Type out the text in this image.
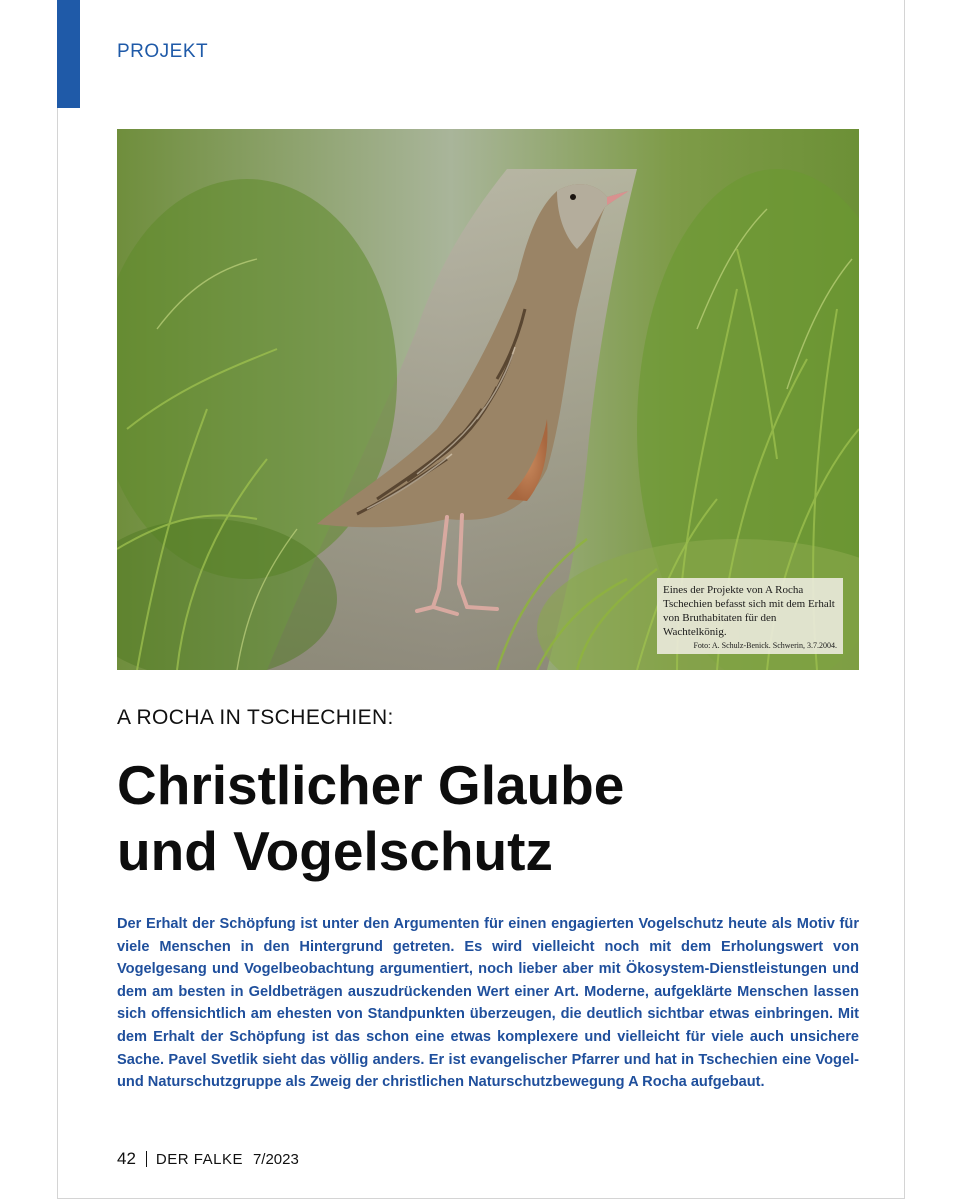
PROJEKT
Eines der Projekte von A Rocha Tschechien befasst sich mit dem Erhalt von Bruthabitaten für den Wachtelkönig.
Foto: A. Schulz-Benick. Schwerin, 3.7.2004.
A ROCHA IN TSCHECHIEN:
Christlicher Glaube
und Vogelschutz

Der Erhalt der Schöpfung ist unter den Argumenten für einen engagierten Vogelschutz heute als Motiv für viele Menschen in den Hintergrund getreten. Es wird vielleicht noch mit dem Erholungswert von Vogelgesang und Vogelbeobachtung argumentiert, noch lieber aber mit Ökosystem-Dienstleistungen und dem am besten in Geldbeträgen auszudrückenden Wert einer Art. Moderne, aufgeklärte Menschen lassen sich offensichtlich am ehesten von Standpunkten überzeugen, die deutlich sichtbar etwas einbringen. Mit dem Erhalt der Schöpfung ist das schon eine etwas komplexere und vielleicht für viele auch unsichere Sache. Pavel Svetlik sieht das völlig anders. Er ist evangelischer Pfarrer und hat in Tschechien eine Vogel- und Naturschutzgruppe als Zweig der christlichen Naturschutzbewegung A Rocha aufgebaut.

42 DER FALKE 7/2023
